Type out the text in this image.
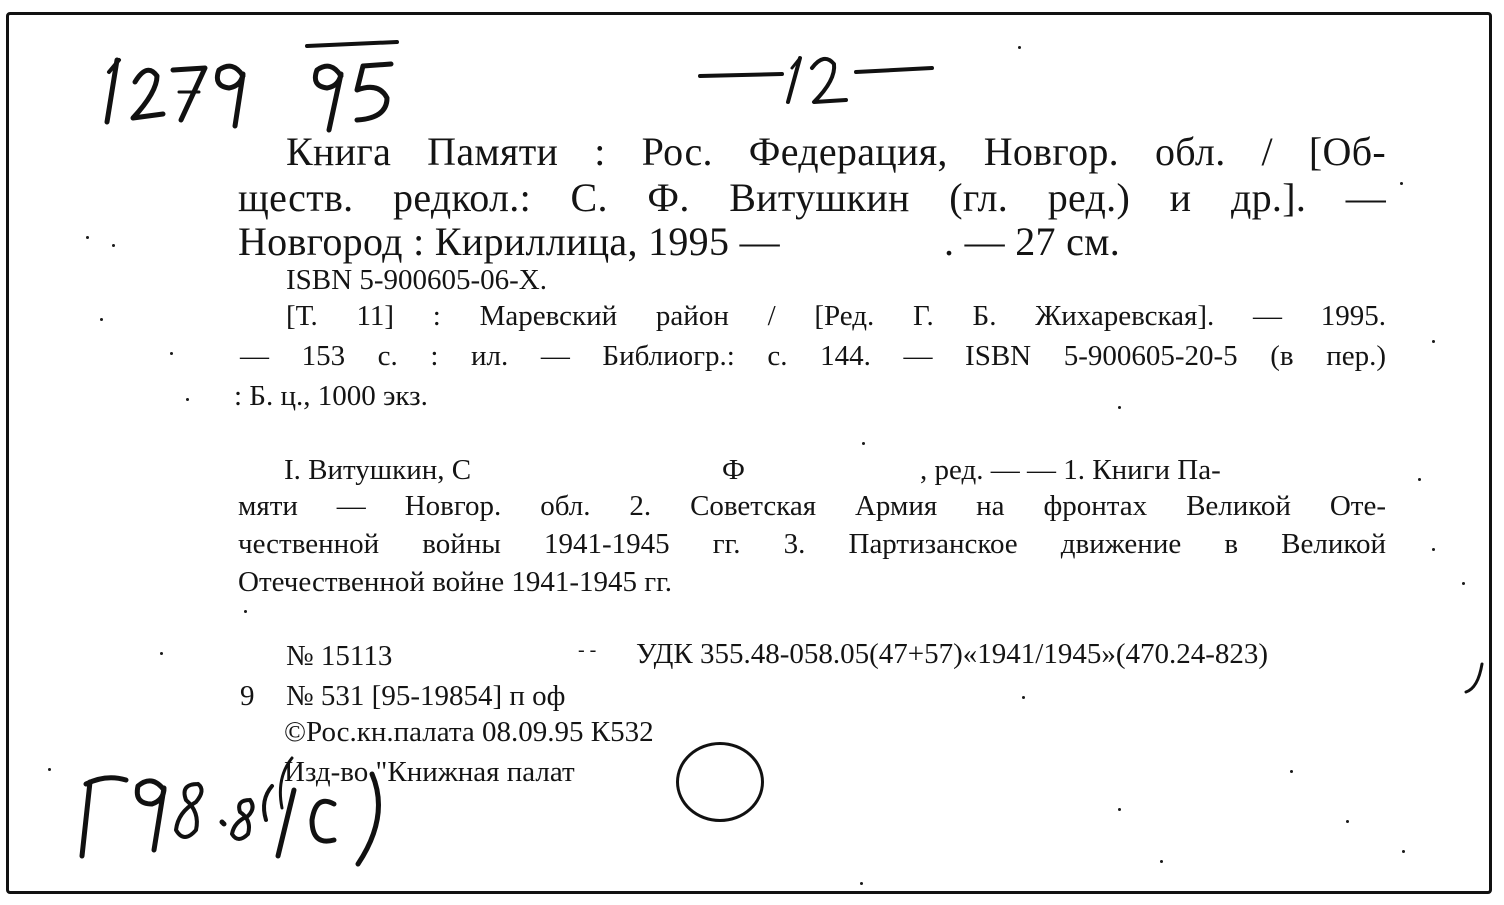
Книга Памяти : Рос. Федерация, Новгор. обл. / [Об-
ществ. редкол.: С. Ф. Витушкин (гл. ред.) и др.]. —
Новгород : Кириллица, 1995 —	. — 27 см.
ISBN 5-900605-06-X.
[Т. 11] : Маревский район / [Ред. Г. Б. Жихаревская]. — 1995.
— 153 с. : ил. — Библиогр.: с. 144. — ISBN 5-900605-20-5 (в пер.)
: Б. ц., 1000 экз.
I. Витушкин, С	Ф	, ред. — — 1. Книги Па-
мяти — Новгор. обл. 2. Советская Армия на фронтах Великой Оте-
чественной войны 1941-1945 гг. 3. Партизанское движение в Великой
Отечественной войне 1941-1945 гг.
№ 15113	- - УДК 355.48-058.05(47+57)«1941/1945»(470.24-823)
9 № 531 [95-19854] п оф
©Рос.кн.палата 08.09.95 К532
Изд-во "Книжная палат
